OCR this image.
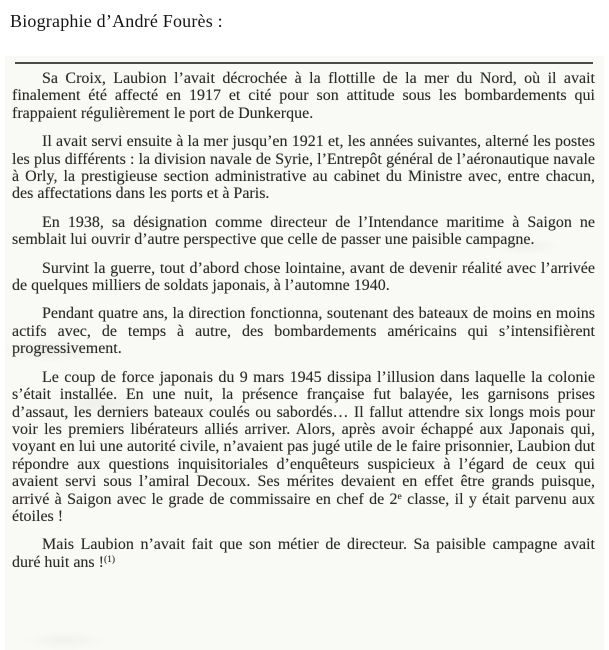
Biographie d’André Fourès :

Sa Croix, Laubion l’avait décrochée à la flottille de la mer du Nord, où il avait finalement été affecté en 1917 et cité pour son attitude sous les bombardements qui frappaient régulièrement le port de Dunkerque.

Il avait servi ensuite à la mer jusqu’en 1921 et, les années suivantes, alterné les postes les plus différents : la division navale de Syrie, l’Entrepôt général de l’aéronautique navale à Orly, la prestigieuse section administrative au cabinet du Ministre avec, entre chacun, des affectations dans les ports et à Paris.

En 1938, sa désignation comme directeur de l’Intendance maritime à Saigon ne semblait lui ouvrir d’autre perspective que celle de passer une paisible campagne.

Survint la guerre, tout d’abord chose lointaine, avant de devenir réalité avec l’arrivée de quelques milliers de soldats japonais, à l’automne 1940.

Pendant quatre ans, la direction fonctionna, soutenant des bateaux de moins en moins actifs avec, de temps à autre, des bombardements américains qui s’intensifièrent progressivement.

Le coup de force japonais du 9 mars 1945 dissipa l’illusion dans laquelle la colonie s’était installée. En une nuit, la présence française fut balayée, les garnisons prises d’assaut, les derniers bateaux coulés ou sabordés… Il fallut attendre six longs mois pour voir les premiers libérateurs alliés arriver. Alors, après avoir échappé aux Japonais qui, voyant en lui une autorité civile, n’avaient pas jugé utile de le faire prisonnier, Laubion dut répondre aux questions inquisitoriales d’enquêteurs suspicieux à l’égard de ceux qui avaient servi sous l’amiral Decoux. Ses mérites devaient en effet être grands puisque, arrivé à Saigon avec le grade de commissaire en chef de 2e classe, il y était parvenu aux étoiles !

Mais Laubion n’avait fait que son métier de directeur. Sa paisible campagne avait duré huit ans !$^{(1)}$
